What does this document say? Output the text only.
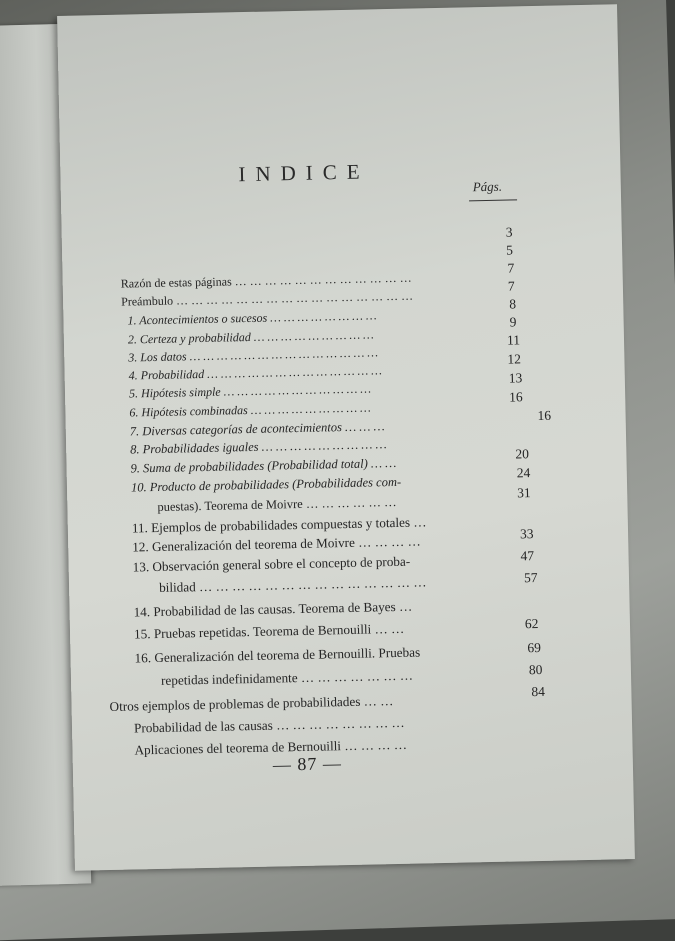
INDICE
Págs.
Razón de estas páginas … … … … … … … … … … … …
Preámbulo … … … … … … … … … … … … … … … …
1. Acontecimientos o sucesos … … … … … … … …
2. Certeza y probabilidad … … … … … … … … …
3. Los datos … … … … … … … … … … … … … …
4. Probabilidad … … … … … … … … … … … … …
5. Hipótesis simple … … … … … … … … … … …
6. Hipótesis combinadas … … … … … … … … …
7. Diversas categorías de acontecimientos … … …
8. Probabilidades iguales … … … … … … … … …
9. Suma de probabilidades (Probabilidad total) … …
10. Producto de probabilidades (Probabilidades com-
puestas). Teorema de Moivre … … … … … …
11. Ejemplos de probabilidades compuestas y totales …
12. Generalización del teorema de Moivre … … … …
13. Observación general sobre el concepto de proba-
bilidad … … … … … … … … … … … … … …
14. Probabilidad de las causas. Teorema de Bayes …
15. Pruebas repetidas. Teorema de Bernouilli … …
16. Generalización del teorema de Bernouilli. Pruebas
repetidas indefinidamente … … … … … … …
Otros ejemplos de problemas de probabilidades … …
Probabilidad de las causas … … … … … … … …
Aplicaciones del teorema de Bernouilli … … … …
3
5
7
7
8
9
11
12
13
16
16
20
24
31
33
47
57
62
69
80
84
— 87 —
